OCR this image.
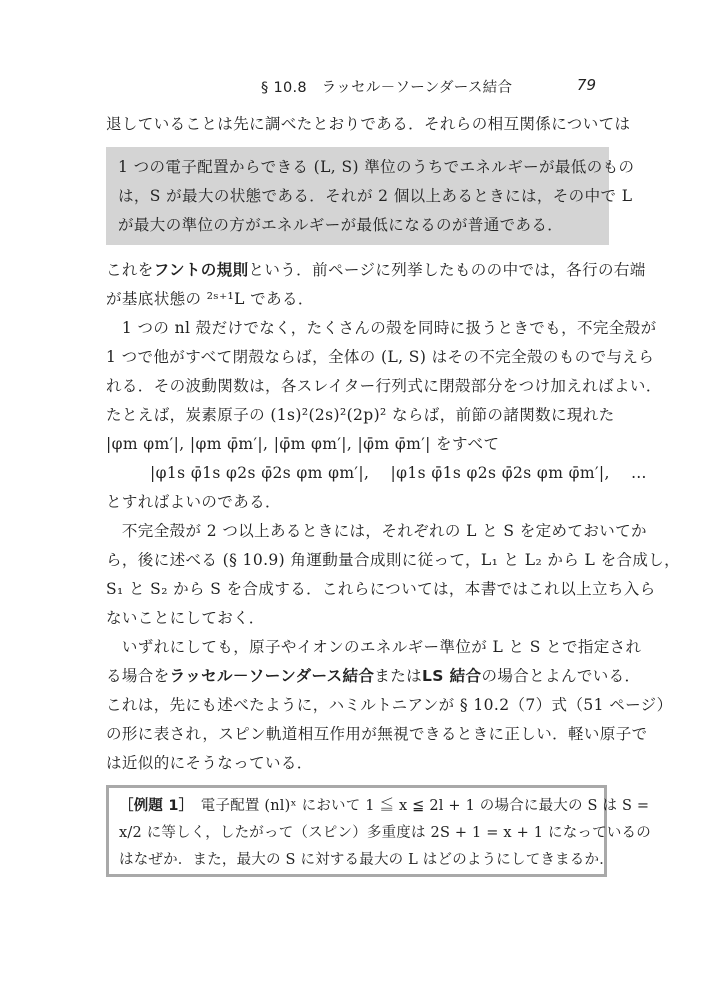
§ 10.8　ラッセル－ソーンダース結合	79
退していることは先に調べたとおりである．それらの相互関係については
1 つの電子配置からできる (L, S) 準位のうちでエネルギーが最低のもの
は，S が最大の状態である．それが 2 個以上あるときには，その中で L
が最大の準位の方がエネルギーが最低になるのが普通である．
これをフントの規則という．前ページに列挙したものの中では，各行の右端
が基底状態の ²ˢ⁺¹L である．
　1 つの nl 殻だけでなく，たくさんの殻を同時に扱うときでも，不完全殻が
1 つで他がすべて閉殻ならば，全体の (L, S) はその不完全殻のもので与えら
れる．その波動関数は，各スレイター行列式に閉殻部分をつけ加えればよい．
たとえば，炭素原子の (1s)²(2s)²(2p)² ならば，前節の諸関数に現れた
|φm φm′|, |φm φ̄m′|, |φ̄m φm′|, |φ̄m φ̄m′| をすべて
|φ1s φ̄1s φ2s φ̄2s φm φm′|,　 |φ1s φ̄1s φ2s φ̄2s φm φ̄m′|,　 …
とすればよいのである．
　不完全殻が 2 つ以上あるときには，それぞれの L と S を定めておいてか
ら，後に述べる (§ 10.9) 角運動量合成則に従って，L₁ と L₂ から L を合成し，
S₁ と S₂ から S を合成する．これらについては，本書ではこれ以上立ち入ら
ないことにしておく．
　いずれにしても，原子やイオンのエネルギー準位が L と S とで指定され
る場合をラッセル－ソーンダース結合またはLS 結合の場合とよんでいる．
これは，先にも述べたように，ハミルトニアンが § 10.2（7）式（51 ページ）
の形に表され，スピン軌道相互作用が無視できるときに正しい．軽い原子で
は近似的にそうなっている．
［例題 1］　電子配置 (nl)ˣ において 1 ≦ x ≦ 2l + 1 の場合に最大の S は S =
x/2 に等しく，したがって（スピン）多重度は 2S + 1 = x + 1 になっているの
はなぜか．また，最大の S に対する最大の L はどのようにしてきまるか．
